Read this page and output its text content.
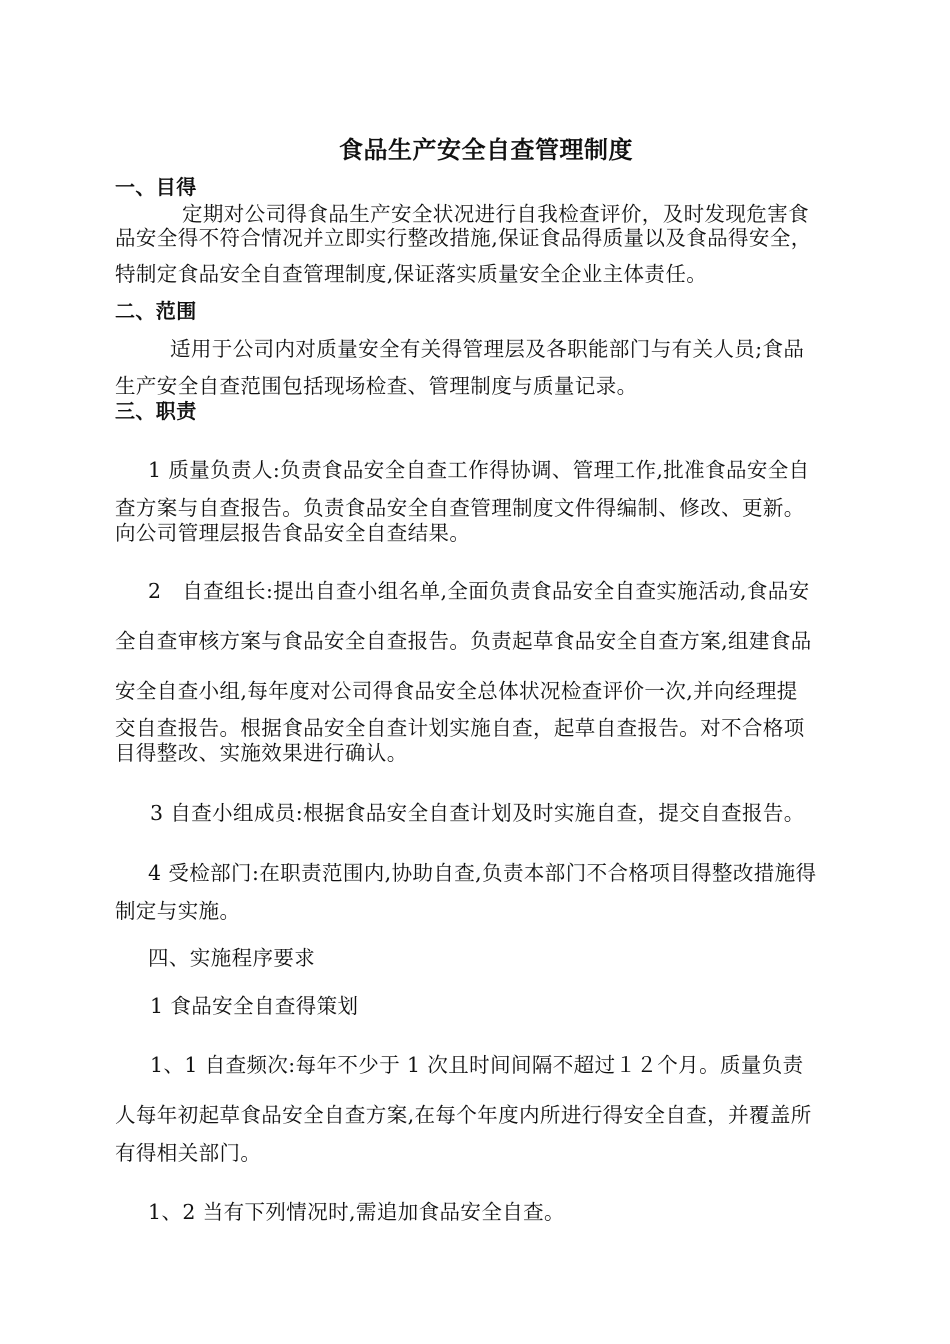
食品生产安全自查管理制度
一、目得
定期对公司得食品生产安全状况进行自我检查评价，及时发现危害食
品安全得不符合情况并立即实行整改措施,保证食品得质量以及食品得安全，
特制定食品安全自查管理制度,保证落实质量安全企业主体责任。
二、范围
适用于公司内对质量安全有关得管理层及各职能部门与有关人员;食品
生产安全自查范围包括现场检查、管理制度与质量记录。
三、职责
1 质量负责人:负责食品安全自查工作得协调、管理工作,批准食品安全自
查方案与自查报告。负责食品安全自查管理制度文件得编制、修改、更新。
向公司管理层报告食品安全自查结果。
2　自查组长:提出自查小组名单,全面负责食品安全自查实施活动,食品安
全自查审核方案与食品安全自查报告。负责起草食品安全自查方案,组建食品
安全自查小组,每年度对公司得食品安全总体状况检查评价一次,并向经理提
交自查报告。根据食品安全自查计划实施自查，起草自查报告。对不合格项
目得整改、实施效果进行确认。
3 自查小组成员:根据食品安全自查计划及时实施自查，提交自查报告。
4 受检部门:在职责范围内,协助自查,负责本部门不合格项目得整改措施得
制定与实施。
四、实施程序要求
1 食品安全自查得策划
1、1 自查频次:每年不少于 1 次且时间间隔不超过１２个月。质量负责
人每年初起草食品安全自查方案,在每个年度内所进行得安全自查，并覆盖所
有得相关部门。
1、2 当有下列情况时,需追加食品安全自查。
